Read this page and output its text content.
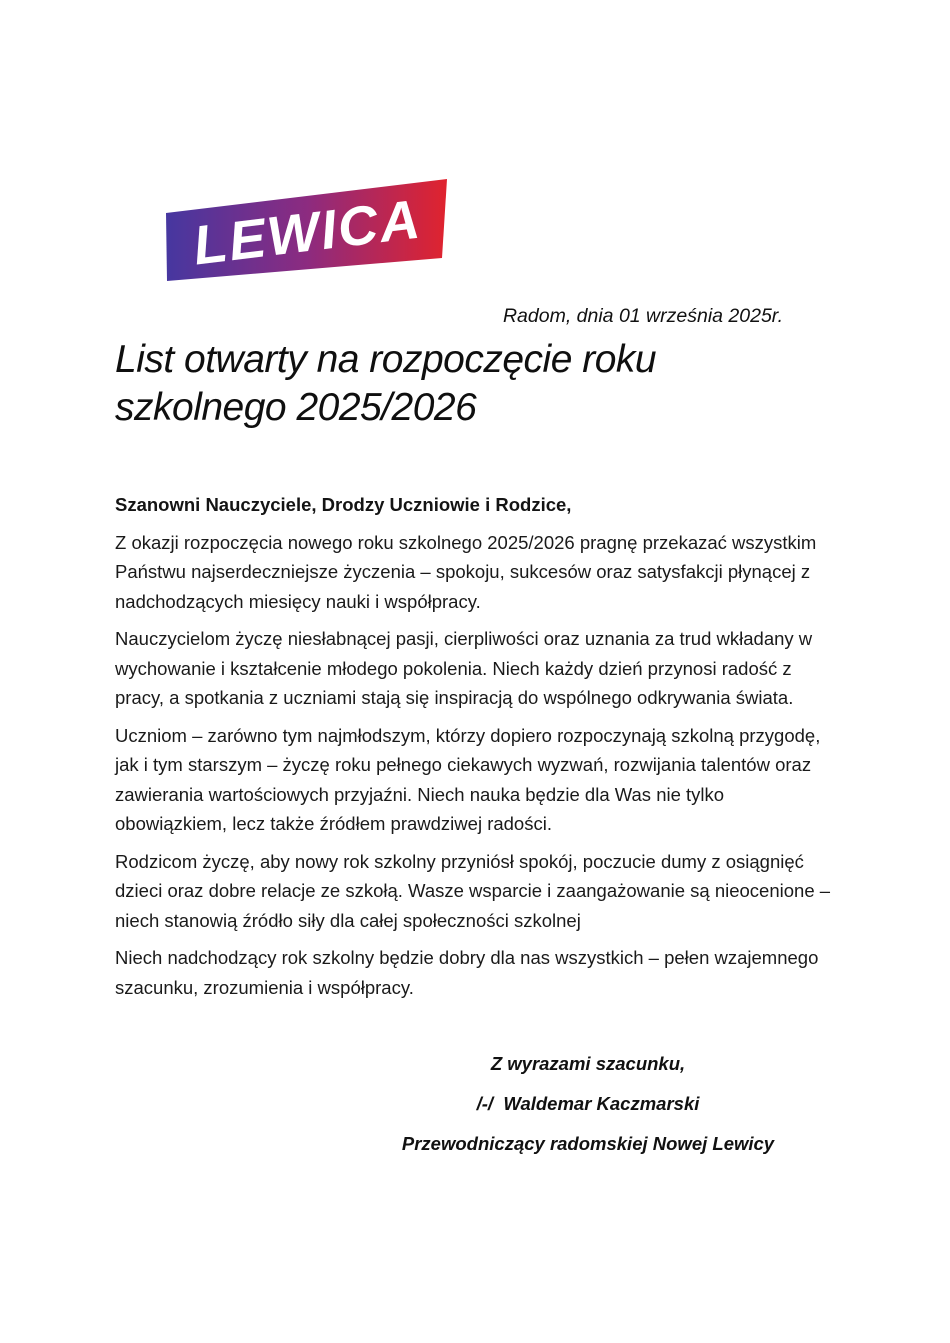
LEWICA
Radom, dnia 01 września 2025r.
List otwarty na rozpoczęcie roku szkolnego 2025/2026
Szanowni Nauczyciele, Drodzy Uczniowie i Rodzice,

Z okazji rozpoczęcia nowego roku szkolnego 2025/2026 pragnę przekazać wszystkim Państwu najserdeczniejsze życzenia – spokoju, sukcesów oraz satysfakcji płynącej z nadchodzących miesięcy nauki i współpracy.

Nauczycielom życzę niesłabnącej pasji, cierpliwości oraz uznania za trud wkładany w wychowanie i kształcenie młodego pokolenia. Niech każdy dzień przynosi radość z pracy, a spotkania z uczniami stają się inspiracją do wspólnego odkrywania świata.

Uczniom – zarówno tym najmłodszym, którzy dopiero rozpoczynają szkolną przygodę, jak i tym starszym – życzę roku pełnego ciekawych wyzwań, rozwijania talentów oraz zawierania wartościowych przyjaźni. Niech nauka będzie dla Was nie tylko obowiązkiem, lecz także źródłem prawdziwej radości.

Rodzicom życzę, aby nowy rok szkolny przyniósł spokój, poczucie dumy z osiągnięć dzieci oraz dobre relacje ze szkołą. Wasze wsparcie i zaangażowanie są nieocenione – niech stanowią źródło siły dla całej społeczności szkolnej

Niech nadchodzący rok szkolny będzie dobry dla nas wszystkich – pełen wzajemnego szacunku, zrozumienia i współpracy.

Z wyrazami szacunku,
/-/  Waldemar Kaczmarski
Przewodniczący radomskiej Nowej Lewicy
